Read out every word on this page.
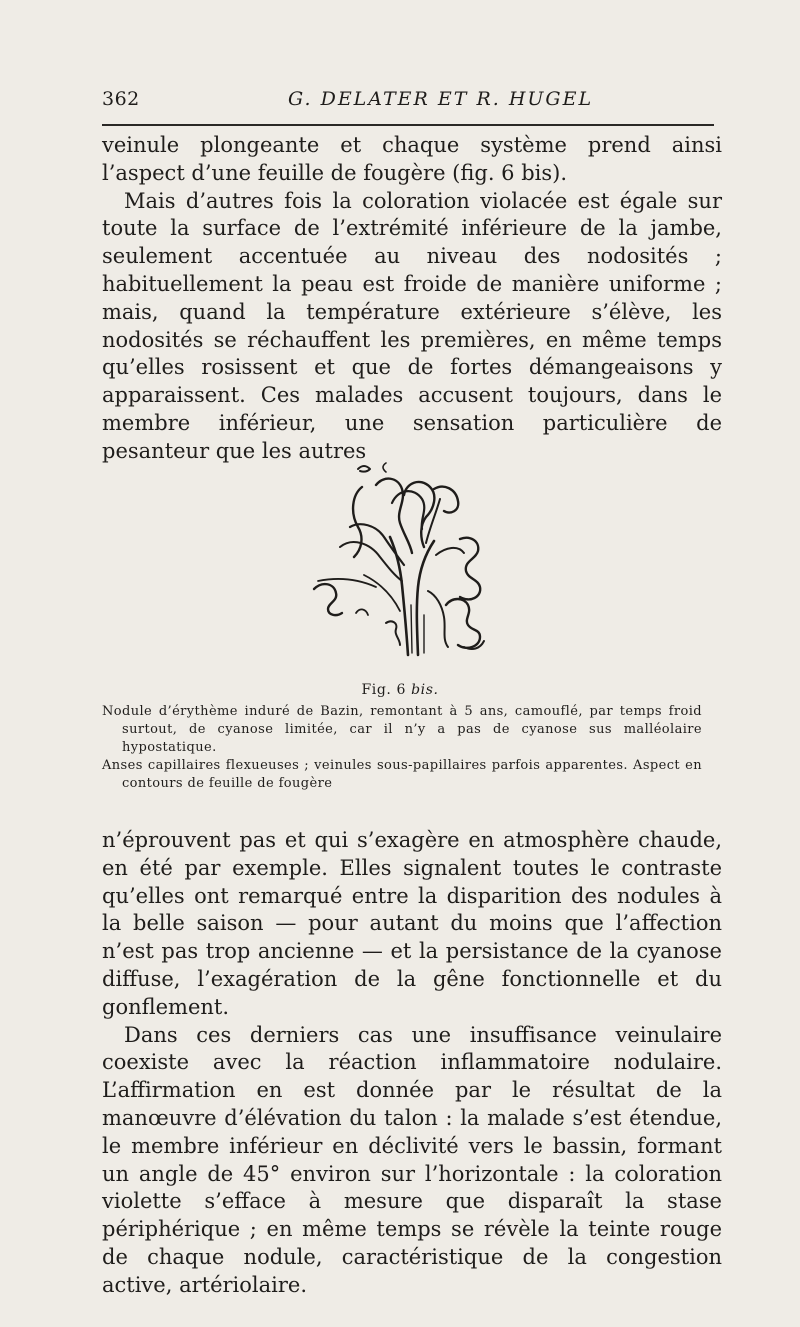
362	G. DELATER ET R. HUGEL

veinule plongeante et chaque système prend ainsi l’aspect d’une feuille de fougère (fig. 6 bis).

Mais d’autres fois la coloration violacée est égale sur toute la surface de l’extrémité inférieure de la jambe, seulement accentuée au niveau des nodosités ; habituellement la peau est froide de manière uniforme ; mais, quand la température extérieure s’élève, les nodosités se réchauffent les premières, en même temps qu’elles rosissent et que de fortes démangeaisons y apparaissent. Ces malades accusent toujours, dans le membre inférieur, une sensation particulière de pesanteur que les autres

Fig. 6 bis.

Nodule d’érythème induré de Bazin, remontant à 5 ans, camouflé, par temps froid surtout, de cyanose limitée, car il n’y a pas de cyanose sus malléolaire hypostatique.

Anses capillaires flexueuses ; veinules sous-papillaires parfois apparentes. Aspect en contours de feuille de fougère

n’éprouvent pas et qui s’exagère en atmosphère chaude, en été par exemple. Elles signalent toutes le contraste qu’elles ont remarqué entre la disparition des nodules à la belle saison — pour autant du moins que l’affection n’est pas trop ancienne — et la persistance de la cyanose diffuse, l’exagération de la gêne fonctionnelle et du gonflement.

Dans ces derniers cas une insuffisance veinulaire coexiste avec la réaction inflammatoire nodulaire. L’affirmation en est donnée par le résultat de la manœuvre d’élévation du talon : la malade s’est étendue, le membre inférieur en déclivité vers le bassin, formant un angle de 45° environ sur l’horizontale : la coloration violette s’efface à mesure que disparaît la stase périphérique ; en même temps se révèle la teinte rouge de chaque nodule, caractéristique de la congestion active, artériolaire.
